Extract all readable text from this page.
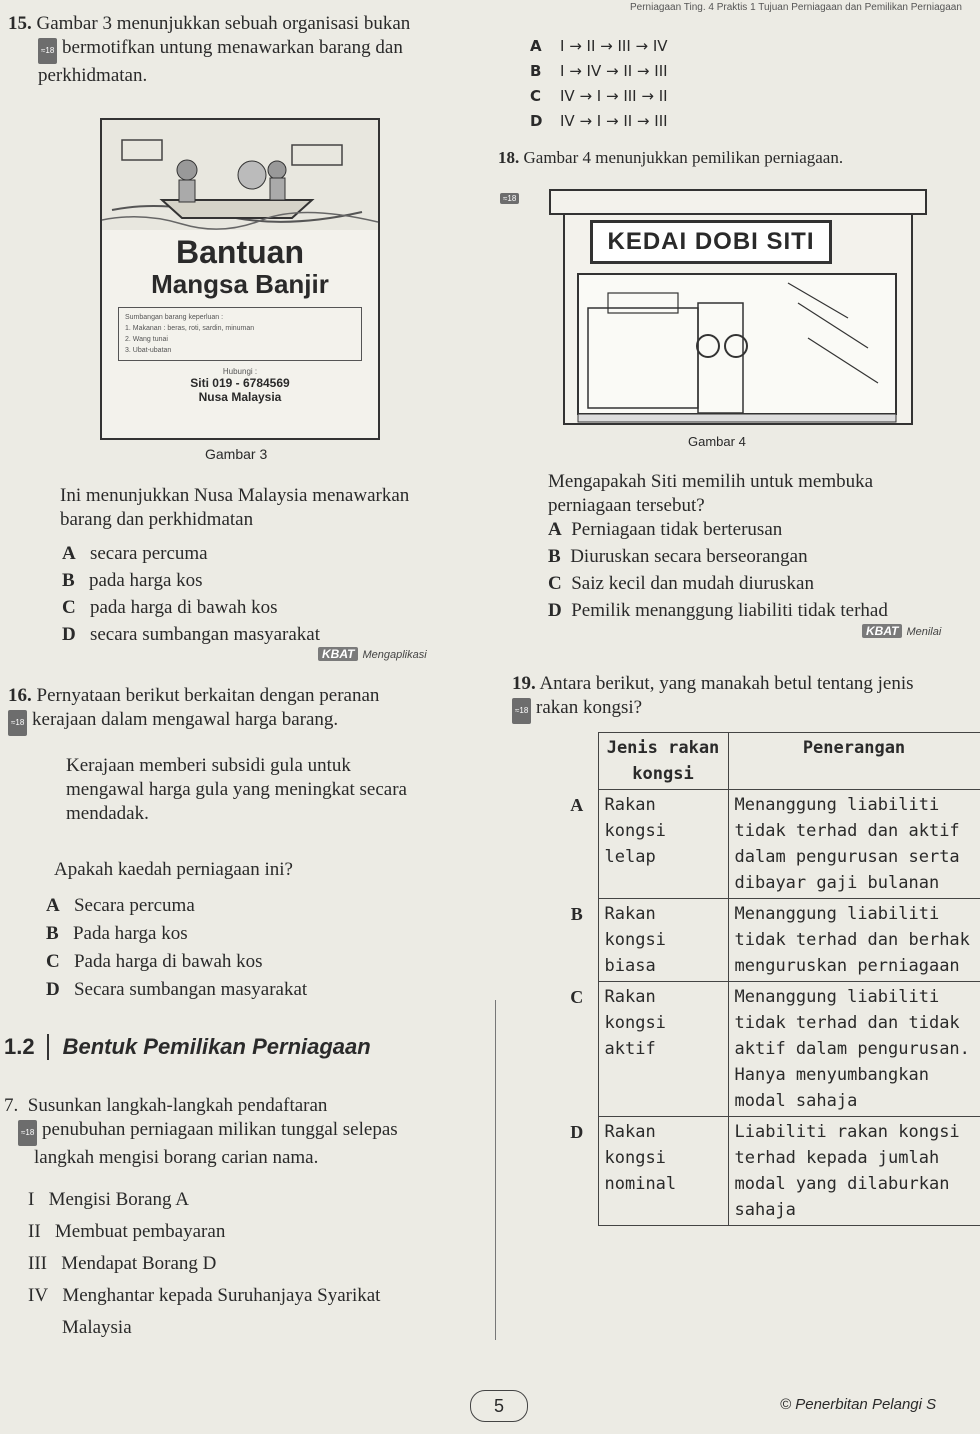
Perniagaan Ting. 4 Praktis 1 Tujuan Perniagaan dan Pemilikan Perniagaan
15. Gambar 3 menunjukkan sebuah organisasi bukan
≈18 bermotifkan untung menawarkan barang dan
perkhidmatan.
Bantuan
Mangsa Banjir
Sumbangan barang keperluan :
1. Makanan : beras, roti, sardin, minuman
2. Wang tunai
3. Ubat-ubatan
Hubungi :
Siti 019 - 6784569
Nusa Malaysia
Gambar 3
Ini menunjukkan Nusa Malaysia menawarkan
barang dan perkhidmatan
A secara percuma
B pada harga kos
C pada harga di bawah kos
D secara sumbangan masyarakat
KBAT Mengaplikasi
16. Pernyataan berikut berkaitan dengan peranan
≈18 kerajaan dalam mengawal harga barang.
Kerajaan memberi subsidi gula untuk
mengawal harga gula yang meningkat secara
mendadak.
Apakah kaedah perniagaan ini?
A Secara percuma
B Pada harga kos
C Pada harga di bawah kos
D Secara sumbangan masyarakat
1.2	Bentuk Pemilikan Perniagaan
7. Susunkan langkah-langkah pendaftaran
≈18 penubuhan perniagaan milikan tunggal selepas
langkah mengisi borang carian nama.
I Mengisi Borang A
II Membuat pembayaran
III Mendapat Borang D
IV Menghantar kepada Suruhanjaya Syarikat
Malaysia
A I → II → III → IV
B I → IV → II → III
C IV → I → III → II
D IV → I → II → III
18. Gambar 4 menunjukkan pemilikan perniagaan.
≈18
KEDAI DOBI SITI
Gambar 4
Mengapakah Siti memilih untuk membuka
perniagaan tersebut?
A Perniagaan tidak berterusan
B Diuruskan secara berseorangan
C Saiz kecil dan mudah diuruskan
D Pemilik menanggung liabiliti tidak terhad
KBAT Menilai
19. Antara berikut, yang manakah betul tentang jenis
≈18 rakan kongsi?
	Jenis rakan kongsi	Penerangan
A	Rakan kongsi lelap	Menanggung liabiliti tidak terhad dan aktif dalam pengurusan serta dibayar gaji bulanan
B	Rakan kongsi biasa	Menanggung liabiliti tidak terhad dan berhak menguruskan perniagaan
C	Rakan kongsi aktif	Menanggung liabiliti tidak terhad dan tidak aktif dalam pengurusan. Hanya menyumbangkan modal sahaja
D	Rakan kongsi nominal	Liabiliti rakan kongsi terhad kepada jumlah modal yang dilaburkan sahaja
5	© Penerbitan Pelangi S
